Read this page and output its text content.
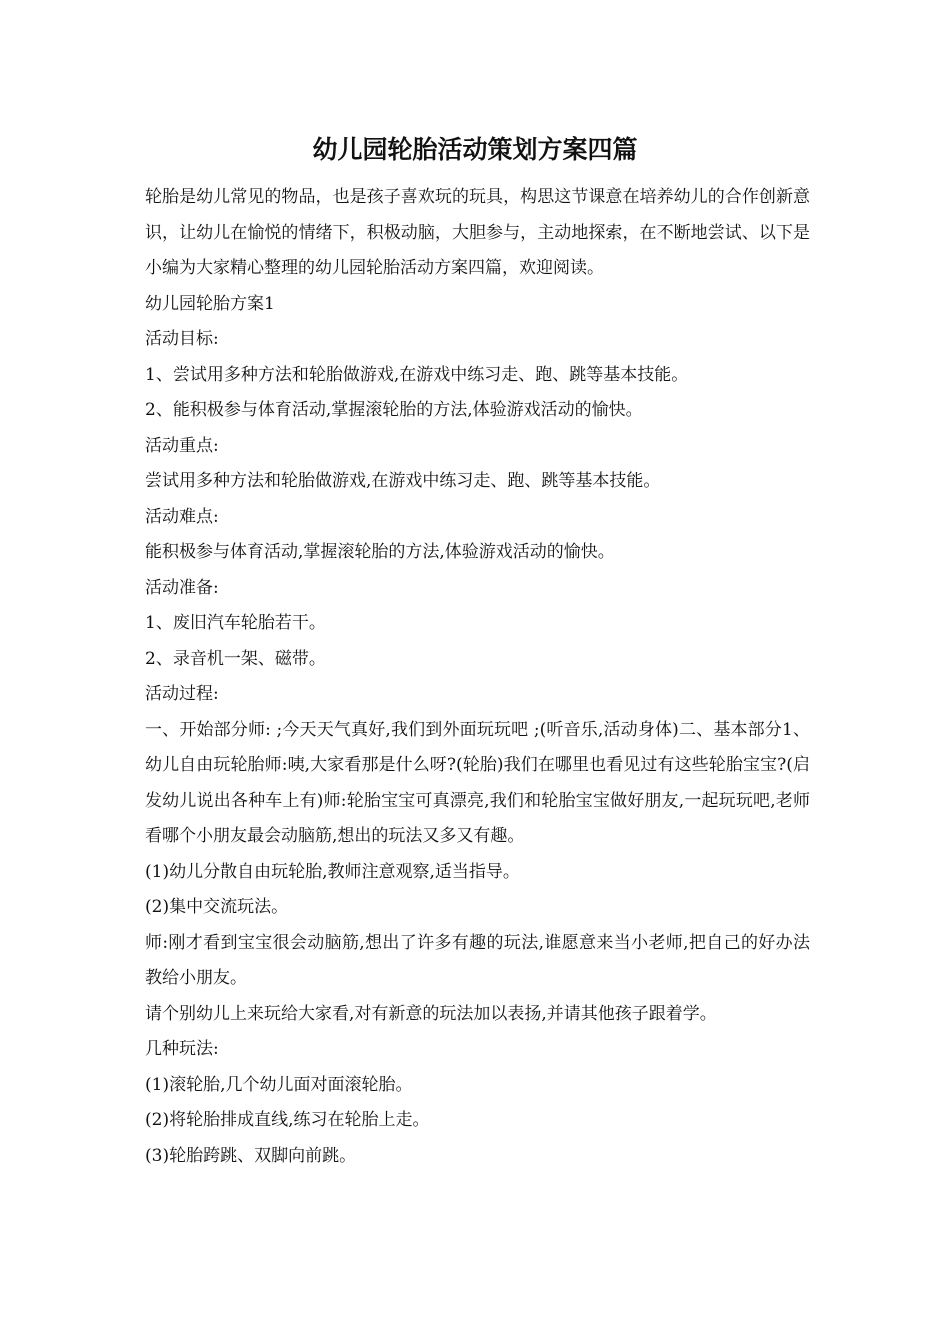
幼儿园轮胎活动策划方案四篇

轮胎是幼儿常见的物品，也是孩子喜欢玩的玩具，构思这节课意在培养幼儿的合作创新意识，让幼儿在愉悦的情绪下，积极动脑，大胆参与，主动地探索，在不断地尝试、以下是小编为大家精心整理的幼儿园轮胎活动方案四篇，欢迎阅读。

幼儿园轮胎方案1

活动目标:

1、尝试用多种方法和轮胎做游戏,在游戏中练习走、跑、跳等基本技能。

2、能积极参与体育活动,掌握滚轮胎的方法,体验游戏活动的愉快。

活动重点:

尝试用多种方法和轮胎做游戏,在游戏中练习走、跑、跳等基本技能。

活动难点:

能积极参与体育活动,掌握滚轮胎的方法,体验游戏活动的愉快。

活动准备:

1、废旧汽车轮胎若干。

2、录音机一架、磁带。

活动过程:

一、开始部分师: ;今天天气真好,我们到外面玩玩吧 ;(听音乐,活动身体)二、基本部分1、幼儿自由玩轮胎师:咦,大家看那是什么呀?(轮胎)我们在哪里也看见过有这些轮胎宝宝?(启发幼儿说出各种车上有)师:轮胎宝宝可真漂亮,我们和轮胎宝宝做好朋友,一起玩玩吧,老师看哪个小朋友最会动脑筋,想出的玩法又多又有趣。

(1)幼儿分散自由玩轮胎,教师注意观察,适当指导。

(2)集中交流玩法。

师:刚才看到宝宝很会动脑筋,想出了许多有趣的玩法,谁愿意来当小老师,把自己的好办法教给小朋友。

请个别幼儿上来玩给大家看,对有新意的玩法加以表扬,并请其他孩子跟着学。

几种玩法:

(1)滚轮胎,几个幼儿面对面滚轮胎。

(2)将轮胎排成直线,练习在轮胎上走。

(3)轮胎跨跳、双脚向前跳。
